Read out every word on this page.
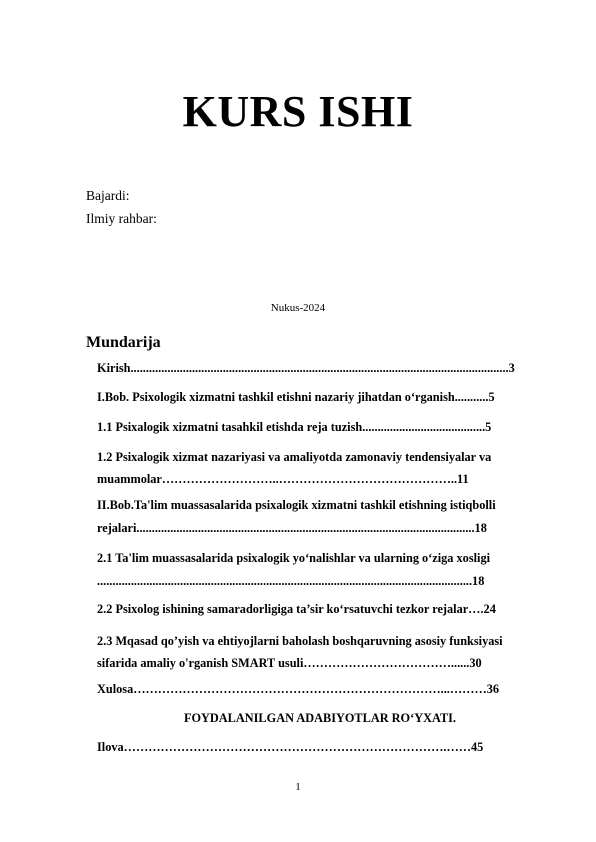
KURS ISHI
Bajardi:
Ilmiy rahbar:
Nukus-2024
Mundarija
Kirish...........................................................................................................................3
I.Bob. Psixologik xizmatni tashkil etishni nazariy jihatdan o‘rganish...........5
1.1 Psixalogik xizmatni tasahkil etishda reja tuzish........................................5
1.2 Psixalogik xizmat nazariyasi va amaliyotda zamonaviy tendensiyalar va
muammolar………………………..……………………………………..11
II.Bob.Ta'lim muassasalarida psixalogik xizmatni tashkil etishning istiqbolli
rejalari..............................................................................................................18
2.1 Ta'lim muassasalarida psixalogik yo‘nalishlar va ularning o‘ziga xosligi
..........................................................................................................................18
2.2 Psixolog ishining samaradorligiga ta’sir ko‘rsatuvchi tezkor rejalar….24
2.3 Mqasad qo’yish va ehtiyojlarni baholash boshqaruvning asosiy funksiyasi
sifarida amaliy o'rganish SMART usuli………………………………......30
Xulosa…………………………………………………………………...………36
FOYDALANILGAN ADABIYOTLAR RO‘YXATI.
Ilova…………………………………………………………………….……45
1
